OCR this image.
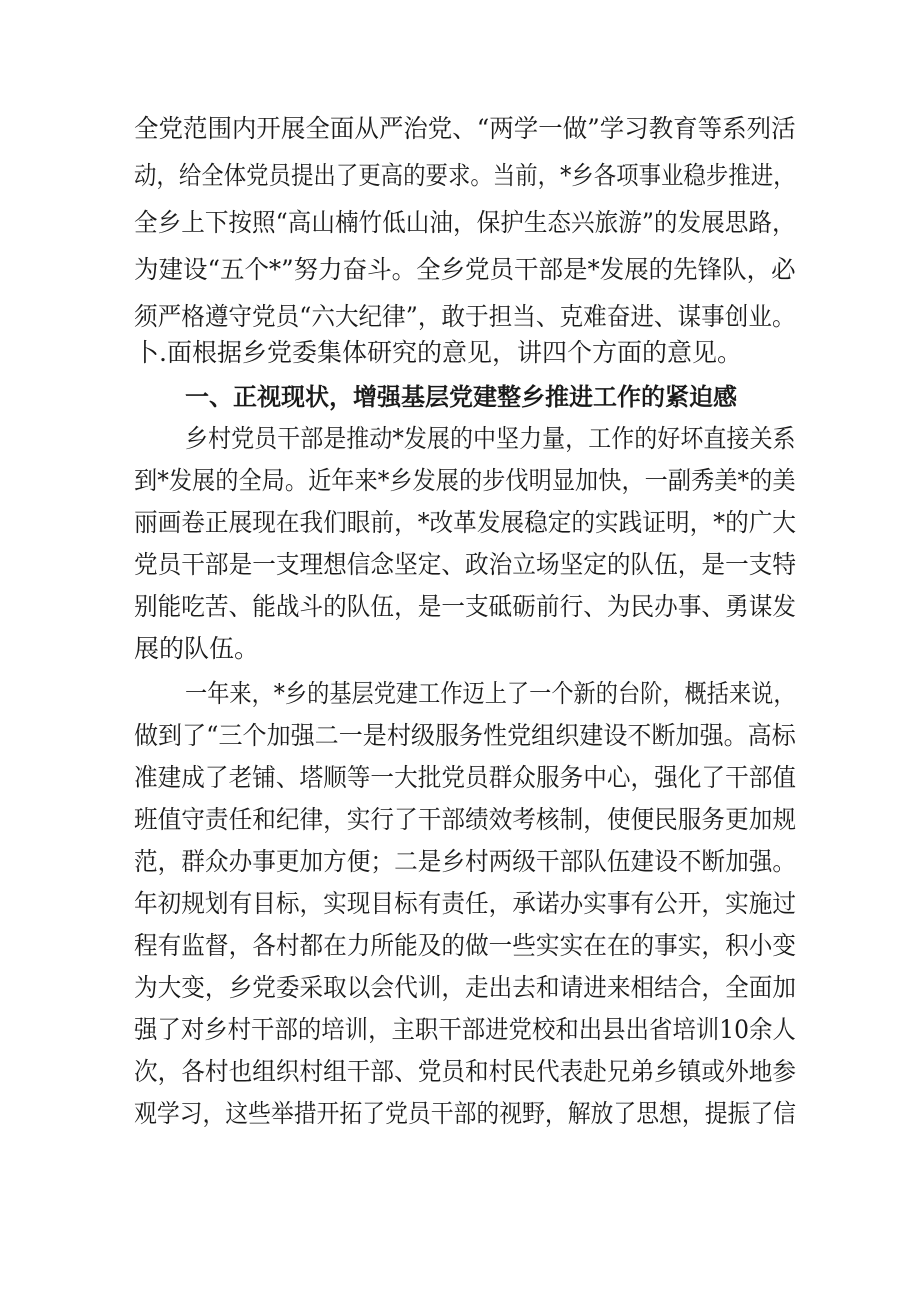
全党范围内开展全面从严治党、“两学一做”学习教育等系列活
动，给全体党员提出了更高的要求。当前，*乡各项事业稳步推进，
全乡上下按照“高山楠竹低山油，保护生态兴旅游”的发展思路，
为建设“五个*”努力奋斗。全乡党员干部是*发展的先锋队，必
须严格遵守党员“六大纪律”，敢于担当、克难奋进、谋事创业。
卜.面根据乡党委集体研究的意见，讲四个方面的意见。
一、正视现状，增强基层党建整乡推进工作的紧迫感
乡村党员干部是推动*发展的中坚力量，工作的好坏直接关系
到*发展的全局。近年来*乡发展的步伐明显加快，一副秀美*的美
丽画卷正展现在我们眼前，*改革发展稳定的实践证明，*的广大
党员干部是一支理想信念坚定、政治立场坚定的队伍，是一支特
别能吃苦、能战斗的队伍，是一支砥砺前行、为民办事、勇谋发
展的队伍。
一年来，*乡的基层党建工作迈上了一个新的台阶，概括来说，
做到了“三个加强二一是村级服务性党组织建设不断加强。高标
准建成了老铺、塔顺等一大批党员群众服务中心，强化了干部值
班值守责任和纪律，实行了干部绩效考核制，使便民服务更加规
范，群众办事更加方便；二是乡村两级干部队伍建设不断加强。
年初规划有目标，实现目标有责任，承诺办实事有公开，实施过
程有监督，各村都在力所能及的做一些实实在在的事实，积小变
为大变，乡党委采取以会代训，走出去和请进来相结合，全面加
强了对乡村干部的培训，主职干部进党校和出县出省培训10余人
次，各村也组织村组干部、党员和村民代表赴兄弟乡镇或外地参
观学习，这些举措开拓了党员干部的视野，解放了思想，提振了信
